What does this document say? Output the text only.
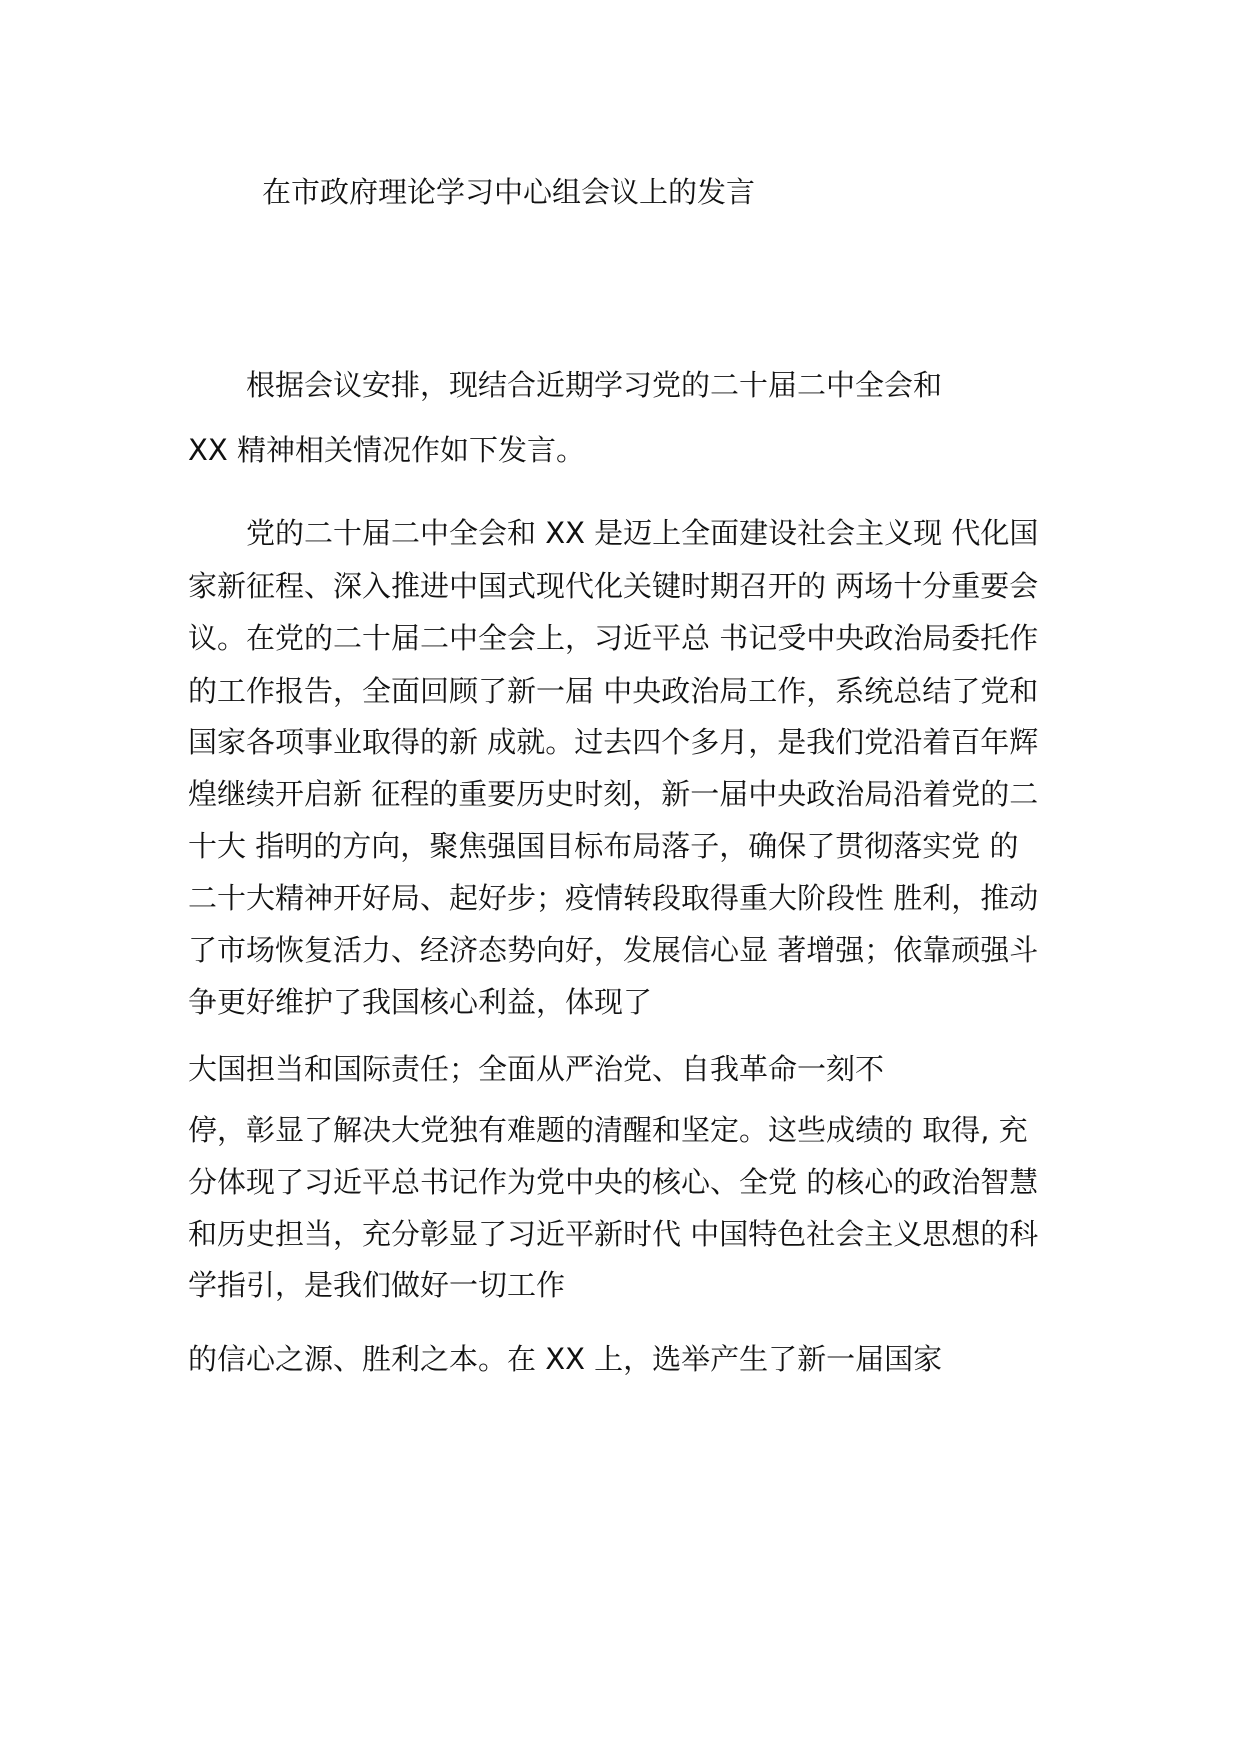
在市政府理论学习中心组会议上的发言
根据会议安排，现结合近期学习党的二十届二中全会和
XX 精神相关情况作如下发言。
党的二十届二中全会和 XX 是迈上全面建设社会主义现 代化国
家新征程、深入推进中国式现代化关键时期召开的 两场十分重要会
议。在党的二十届二中全会上，习近平总 书记受中央政治局委托作
的工作报告，全面回顾了新一届 中央政治局工作，系统总结了党和
国家各项事业取得的新 成就。过去四个多月，是我们党沿着百年辉
煌继续开启新 征程的重要历史时刻，新一届中央政治局沿着党的二
十大 指明的方向，聚焦强国目标布局落子，确保了贯彻落实党 的
二十大精神开好局、起好步；疫情转段取得重大阶段性 胜利，推动
了市场恢复活力、经济态势向好，发展信心显 著增强；依靠顽强斗
争更好维护了我国核心利益，体现了
大国担当和国际责任；全面从严治党、自我革命一刻不
停，彰显了解决大党独有难题的清醒和坚定。这些成绩的 取得, 充
分体现了习近平总书记作为党中央的核心、全党 的核心的政治智慧
和历史担当，充分彰显了习近平新时代 中国特色社会主义思想的科
学指引，是我们做好一切工作
的信心之源、胜利之本。在 XX 上，选举产生了新一届国家
